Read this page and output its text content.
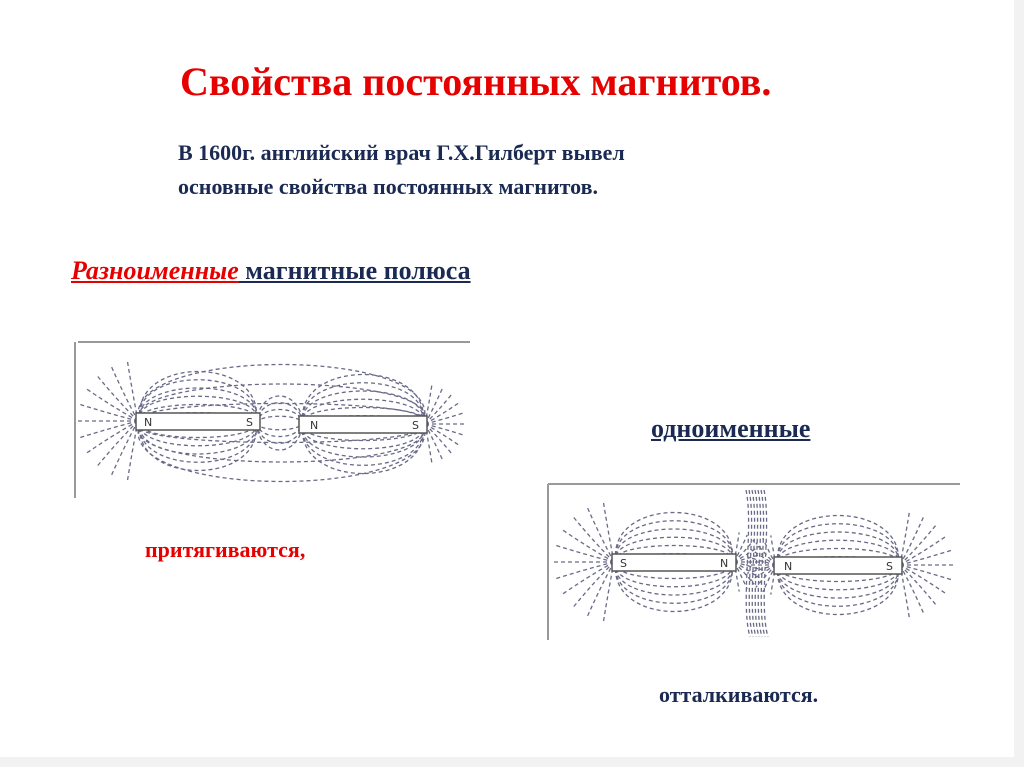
Свойства постоянных магнитов.
В 1600г. английский врач Г.Х.Гилберт вывел
основные свойства постоянных магнитов.
Разноименные магнитные полюса
N	S	N	S
притягиваются,
одноименные
S	N	N	S
отталкиваются.
